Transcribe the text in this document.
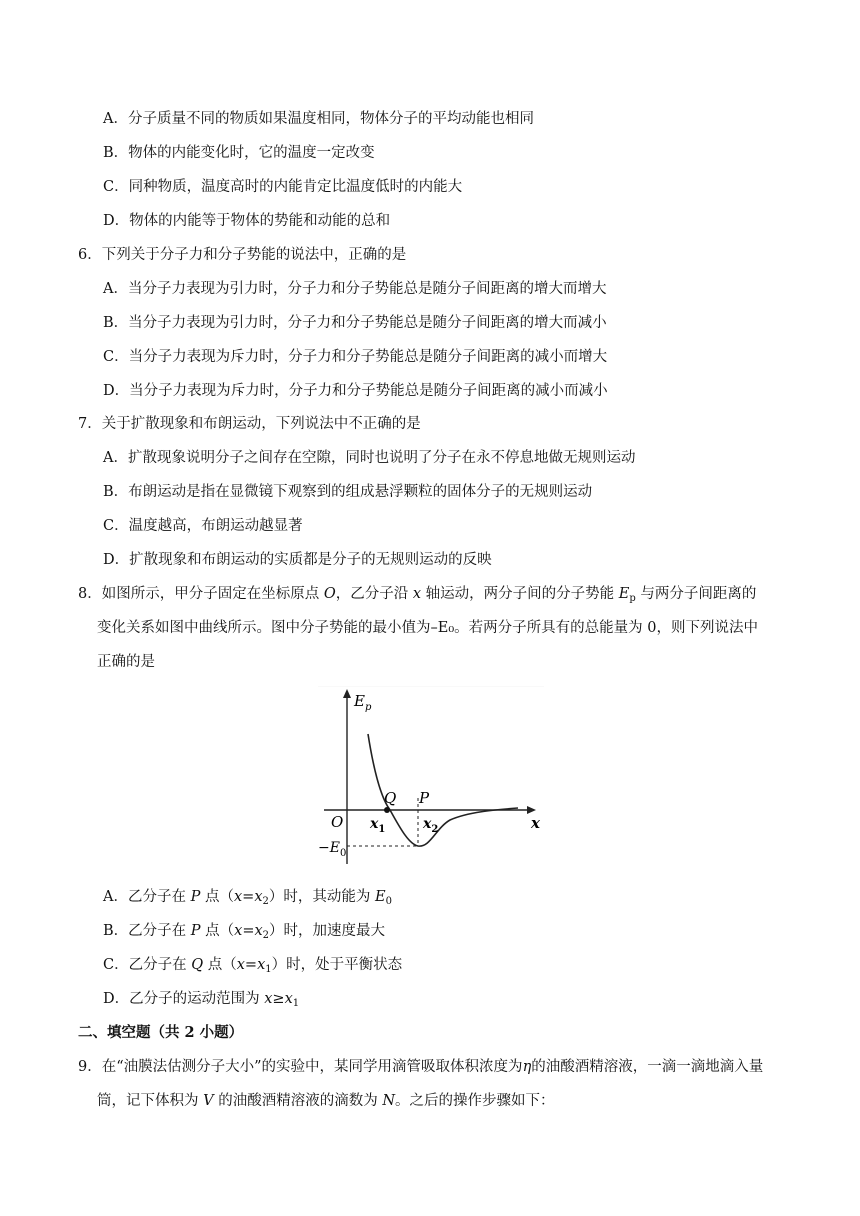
A．分子质量不同的物质如果温度相同，物体分子的平均动能也相同
B．物体的内能变化时，它的温度一定改变
C．同种物质，温度高时的内能肯定比温度低时的内能大
D．物体的内能等于物体的势能和动能的总和
6．下列关于分子力和分子势能的说法中，正确的是
A．当分子力表现为引力时，分子力和分子势能总是随分子间距离的增大而增大
B．当分子力表现为引力时，分子力和分子势能总是随分子间距离的增大而减小
C．当分子力表现为斥力时，分子力和分子势能总是随分子间距离的减小而增大
D．当分子力表现为斥力时，分子力和分子势能总是随分子间距离的减小而减小
7．关于扩散现象和布朗运动，下列说法中不正确的是
A．扩散现象说明分子之间存在空隙，同时也说明了分子在永不停息地做无规则运动
B．布朗运动是指在显微镜下观察到的组成悬浮颗粒的固体分子的无规则运动
C．温度越高，布朗运动越显著
D．扩散现象和布朗运动的实质都是分子的无规则运动的反映
8．如图所示，甲分子固定在坐标原点 O，乙分子沿 x 轴运动，两分子间的分子势能 $E_p$ 与两分子间距离的
变化关系如图中曲线所示。图中分子势能的最小值为–E₀。若两分子所具有的总能量为 0，则下列说法中
正确的是
$E_p$
x
O
Q P
$x_1$	$x_2$
$-E_0$
A．乙分子在 P 点$(x=x_2)$时，其动能为 $E_0$
B．乙分子在 P 点$(x=x_2)$时，加速度最大
C．乙分子在 Q 点$(x=x_1)$时，处于平衡状态
D．乙分子的运动范围为 $x\ge x_1$
二、填空题（共 2 小题）
9．在“油膜法估测分子大小”的实验中，某同学用滴管吸取体积浓度为η的油酸酒精溶液，一滴一滴地滴入量
筒，记下体积为 V 的油酸酒精溶液的滴数为 N。之后的操作步骤如下：
